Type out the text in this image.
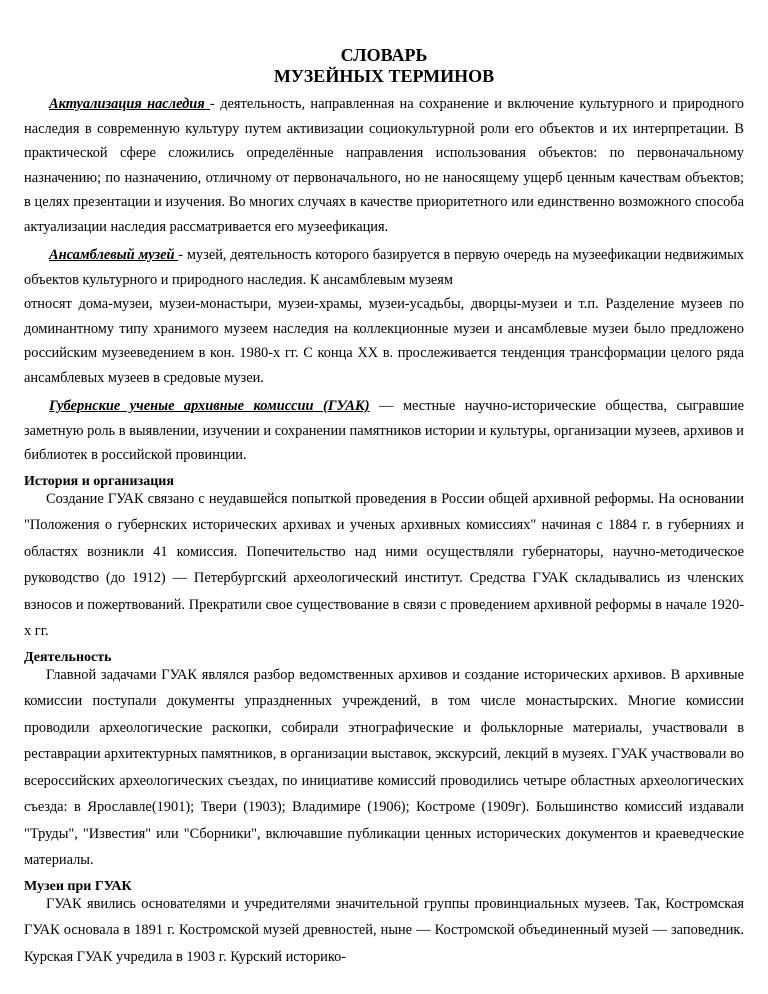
СЛОВАРЬ
МУЗЕЙНЫХ ТЕРМИНОВ

Актуализация наследия - деятельность, направленная на сохранение и включение культурного и природного наследия в современную культуру путем активизации социокультурной роли его объектов и их интерпретации. В практической сфере сложились определённые направления использования объектов: по первоначальному назначению; по назначению, отличному от первоначального, но не наносящему ущерб ценным качествам объектов; в целях презентации и изучения. Во многих случаях в качестве приоритетного или единственно возможного способа актуализации наследия рассматривается его музеефикация.

Ансамблевый музей - музей, деятельность которого базируется в первую очередь на музеефикации недвижимых объектов культурного и природного наследия. К ансамблевым музеям

относят дома-музеи, музеи-монастыри, музеи-храмы, музеи-усадьбы, дворцы-музеи и т.п. Разделение музеев по доминантному типу хранимого музеем наследия на коллекционные музеи и ансамблевые музеи было предложено российским музееведением в кон. 1980-х гг. С конца XX в. прослеживается тенденция трансформации целого ряда ансамблевых музеев в средовые музеи.

Губернские ученые архивные комиссии (ГУАК) — местные научно-исторические общества, сыгравшие заметную роль в выявлении, изучении и сохранении памятников истории и культуры, организации музеев, архивов и библиотек в российской провинции.

История и организация

Создание ГУАК связано с неудавшейся попыткой проведения в России общей архивной реформы. На основании "Положения о губернских исторических архивах и ученых архивных комиссиях" начиная с 1884 г. в губерниях и областях возникли 41 комиссия. Попечительство над ними осуществляли губернаторы, научно-методическое руководство (до 1912) — Петербургский археологический институт. Средства ГУАК складывались из членских взносов и пожертвований. Прекратили свое существование в связи с проведением архивной реформы в начале 1920-х гг.

Деятельность

Главной задачами ГУАК являлся разбор ведомственных архивов и создание исторических архивов. В архивные комиссии поступали документы упраздненных учреждений, в том числе монастырских. Многие комиссии проводили археологические раскопки, собирали этнографические и фольклорные материалы, участвовали в реставрации архитектурных памятников, в организации выставок, экскурсий, лекций в музеях. ГУАК участвовали во всероссийских археологических съездах, по инициативе комиссий проводились четыре областных археологических съезда: в Ярославле(1901); Твери (1903); Владимире (1906); Костроме (1909г). Большинство комиссий издавали "Труды", "Известия" или "Сборники", включавшие публикации ценных исторических документов и краеведческие материалы.

Музеи при ГУАК

ГУАК явились основателями и учредителями значительной группы провинциальных музеев. Так, Костромская ГУАК основала в 1891 г. Костромской музей древностей, ныне — Костромской объединенный музей — заповедник. Курская ГУАК учредила в 1903 г. Курский историко-
